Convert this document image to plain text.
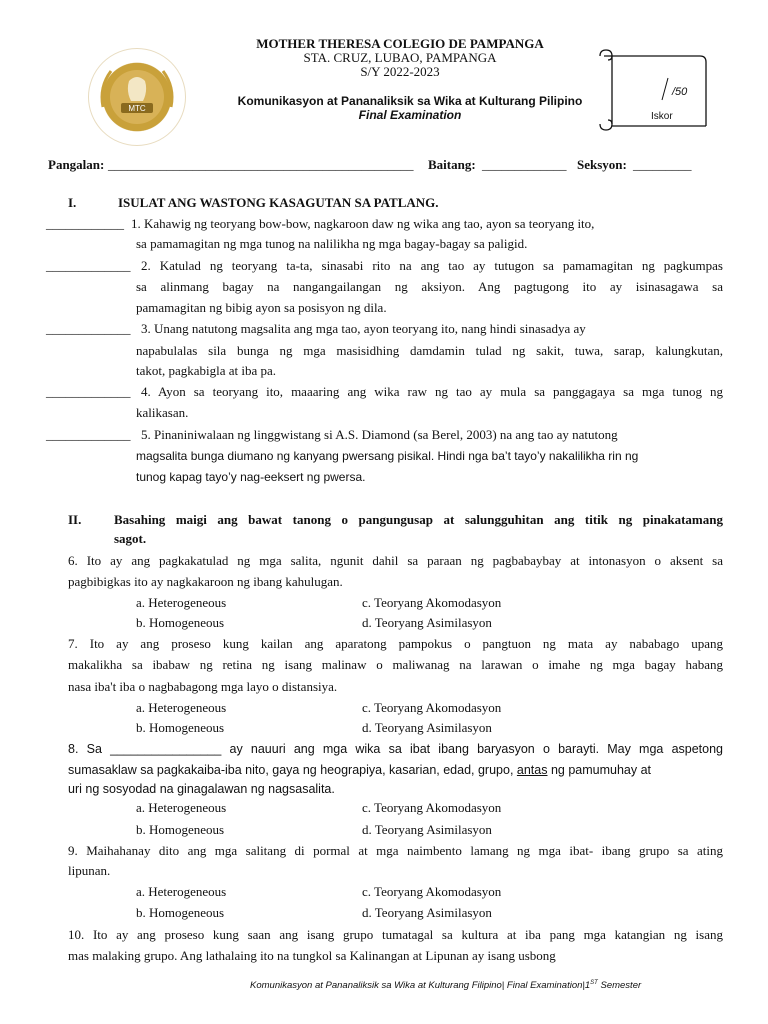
MTC
MOTHER THERESA COLEGIO DE PAMPANGA
STA. CRUZ, LUBAO, PAMPANGA
S/Y 2022-2023
Komunikasyon at Pananaliksik sa Wika at Kulturang Pilipino
Final Examination
/50
Iskor
Pangalan: _______________________________________________ Baitang: _____________ Seksyon: _________
I.	ISULAT ANG WASTONG KASAGUTAN SA PATLANG.
____________ 1. Kahawig ng teoryang bow-bow, nagkaroon daw ng wika ang tao, ayon sa teoryang ito,
sa pamamagitan ng mga tunog na nalilikha ng mga bagay-bagay sa paligid.
_____________ 2. Katulad ng teoryang ta-ta, sinasabi rito na ang tao ay tutugon sa pamamagitan ng pagkumpas
sa alinmang bagay na nangangailangan ng aksiyon. Ang pagtugong ito ay isinasagawa sa
pamamagitan ng bibig ayon sa posisyon ng dila.
_____________ 3. Unang natutong magsalita ang mga tao, ayon teoryang ito, nang hindi sinasadya ay
napabulalas sila bunga ng mga masisidhing damdamin tulad ng sakit, tuwa, sarap, kalungkutan,
takot, pagkabigla at iba pa.
_____________ 4. Ayon sa teoryang ito, maaaring ang wika raw ng tao ay mula sa panggagaya sa mga tunog ng
kalikasan.
_____________ 5. Pinaniniwalaan ng linggwistang si A.S. Diamond (sa Berel, 2003) na ang tao ay natutong
magsalita bunga diumano ng kanyang pwersang pisikal. Hindi nga ba’t tayo’y nakalilikha rin ng
tunog kapag tayo’y nag-eeksert ng pwersa.
II.	Basahing maigi ang bawat tanong o pangungusap at salungguhitan ang titik ng pinakatamang
sagot.
6. Ito ay ang pagkakatulad ng mga salita, ngunit dahil sa paraan ng pagbabaybay at intonasyon o aksent sa
pagbibigkas ito ay nagkakaroon ng ibang kahulugan.
a. Heterogeneous	c. Teoryang Akomodasyon
b. Homogeneous	d. Teoryang Asimilasyon
7. Ito ay ang proseso kung kailan ang aparatong pampokus o pangtuon ng mata ay nababago upang
makalikha sa ibabaw ng retina ng isang malinaw o maliwanag na larawan o imahe ng mga bagay habang
nasa iba't iba o nagbabagong mga layo o distansiya.
a. Heterogeneous	c. Teoryang Akomodasyon
b. Homogeneous	d. Teoryang Asimilasyon
8. Sa ________________ ay nauuri ang mga wika sa ibat ibang baryasyon o barayti. May mga aspetong
sumasaklaw sa pagkakaiba-iba nito, gaya ng heograpiya, kasarian, edad, grupo, antas ng pamumuhay at
uri ng sosyodad na ginagalawan ng nagsasalita.
a. Heterogeneous	c. Teoryang Akomodasyon
b. Homogeneous	d. Teoryang Asimilasyon
9. Maihahanay dito ang mga salitang di pormal at mga naimbento lamang ng mga ibat- ibang grupo sa ating
lipunan.
a. Heterogeneous	c. Teoryang Akomodasyon
b. Homogeneous	d. Teoryang Asimilasyon
10. Ito ay ang proseso kung saan ang isang grupo tumatagal sa kultura at iba pang mga katangian ng isang
mas malaking grupo. Ang lathalaing ito na tungkol sa Kalinangan at Lipunan ay isang usbong
Komunikasyon at Pananaliksik sa Wika at Kulturang Filipino| Final Examination|1ST Semester
